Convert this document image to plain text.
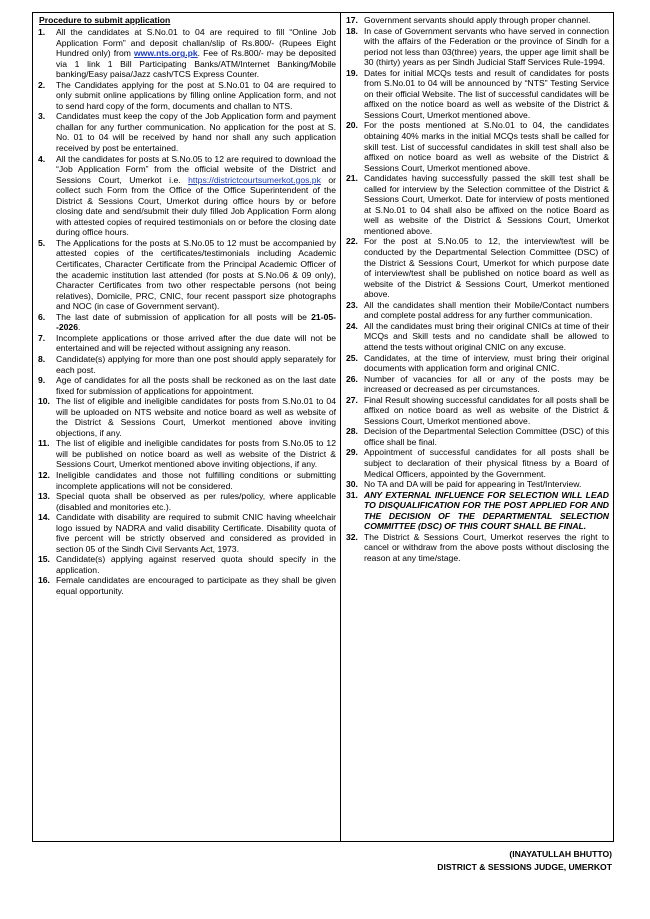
Procedure to submit application
1.	All the candidates at S.No.01 to 04 are required to fill “Online Job Application Form” and deposit challan/slip of Rs.800/- (Rupees Eight Hundred only) from www.nts.org.pk. Fee of Rs.800/- may be deposited via 1 link 1 Bill Participating Banks/ATM/Internet Banking/Mobile banking/Easy paisa/Jazz cash/TCS Express Counter.
2.	The Candidates applying for the post at S.No.01 to 04 are required to only submit online applications by filling online Application form, and not to send hard copy of the form, documents and challan to NTS.
3.	Candidates must keep the copy of the Job Application form and payment challan for any further communication. No application for the post at S. No. 01 to 04 will be received by hand nor shall any such application received by post be entertained.
4.	All the candidates for posts at S.No.05 to 12 are required to download the “Job Application Form” from the official website of the District and Sessions Court, Umerkot i.e. https://districtcourtsumerkot.gos.pk or collect such Form from the Office of the Office Superintendent of the District & Sessions Court, Umerkot during office hours by or before closing date and send/submit their duly filled Job Application Form along with attested copies of required testimonials on or before the closing date during office hours.
5.	The Applications for the posts at S.No.05 to 12 must be accompanied by attested copies of the certificates/testimonials including Academic Certificates, Character Certificate from the Principal Academic Officer of the academic institution last attended (for posts at S.No.06 & 09 only), Character Certificates from two other respectable persons (not being relatives), Domicile, PRC, CNIC, four recent passport size photographs and NOC (in case of Government servant).
6.	The last date of submission of application for all posts will be 21-05--2026.
7.	Incomplete applications or those arrived after the due date will not be entertained and will be rejected without assigning any reason.
8.	Candidate(s) applying for more than one post should apply separately for each post.
9.	Age of candidates for all the posts shall be reckoned as on the last date fixed for submission of applications for appointment.
10. The list of eligible and ineligible candidates for posts from S.No.01 to 04 will be uploaded on NTS website and notice board as well as website of the District & Sessions Court, Umerkot mentioned above inviting objections, if any.
11. The list of eligible and ineligible candidates for posts from S.No.05 to 12 will be published on notice board as well as website of the District & Sessions Court, Umerkot mentioned above inviting objections, if any.
12. Ineligible candidates and those not fulfilling conditions or submitting incomplete applications will not be considered.
13. Special quota shall be observed as per rules/policy, where applicable (disabled and monitories etc.).
14. Candidate with disability are required to submit CNIC having wheelchair logo issued by NADRA and valid disability Certificate. Disability quota of five percent will be strictly observed and considered as provided in section 05 of the Sindh Civil Servants Act, 1973.
15. Candidate(s) applying against reserved quota should specify in the application.
16. Female candidates are encouraged to participate as they shall be given equal opportunity.
17. Government servants should apply through proper channel.
18. In case of Government servants who have served in connection with the affairs of the Federation or the province of Sindh for a period not less than 03(three) years, the upper age limit shall be 30 (thirty) years as per Sindh Judicial Staff Services Rule-1994.
19. Dates for initial MCQs tests and result of candidates for posts from S.No.01 to 04 will be announced by “NTS” Testing Service on their official Website. The list of successful candidates will be affixed on the notice board as well as website of the District & Sessions Court, Umerkot mentioned above.
20. For the posts mentioned at S.No.01 to 04, the candidates obtaining 40% marks in the initial MCQs tests shall be called for skill test. List of successful candidates in skill test shall also be affixed on notice board as well as website of the District & Sessions Court, Umerkot mentioned above.
21. Candidates having successfully passed the skill test shall be called for interview by the Selection committee of the District & Sessions Court, Umerkot. Date for interview of posts mentioned at S.No.01 to 04 shall also be affixed on the notice Board as well as website of the District & Sessions Court, Umerkot mentioned above.
22. For the post at S.No.05 to 12, the interview/test will be conducted by the Departmental Selection Committee (DSC) of the District & Sessions Court, Umerkot for which purpose date of interview/test shall be published on notice board as well as website of the District & Sessions Court, Umerkot mentioned above.
23. All the candidates shall mention their Mobile/Contact numbers and complete postal address for any further communication.
24. All the candidates must bring their original CNICs at time of their MCQs and Skill tests and no candidate shall be allowed to attend the tests without original CNIC on any excuse.
25. Candidates, at the time of interview, must bring their original documents with application form and original CNIC.
26. Number of vacancies for all or any of the posts may be increased or decreased as per circumstances.
27. Final Result showing successful candidates for all posts shall be affixed on notice board as well as website of the District & Sessions Court, Umerkot mentioned above.
28. Decision of the Departmental Selection Committee (DSC) of this office shall be final.
29. Appointment of successful candidates for all posts shall be subject to declaration of their physical fitness by a Board of Medical Officers, appointed by the Government.
30. No TA and DA will be paid for appearing in Test/Interview.
31. ANY EXTERNAL INFLUENCE FOR SELECTION WILL LEAD TO DISQUALIFICATION FOR THE POST APPLIED FOR AND THE DECISION OF THE DEPARTMENTAL SELECTION COMMITTEE (DSC) OF THIS COURT SHALL BE FINAL.
32. The District & Sessions Court, Umerkot reserves the right to cancel or withdraw from the above posts without disclosing the reason at any time/stage.
(INAYATULLAH BHUTTO)
DISTRICT & SESSIONS JUDGE, UMERKOT
